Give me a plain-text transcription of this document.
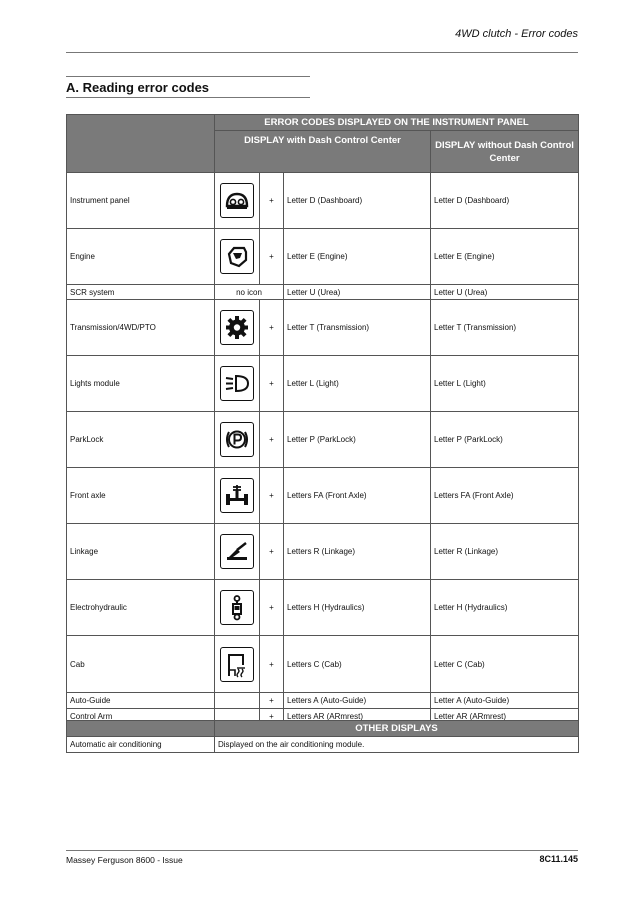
4WD clutch - Error codes
A. Reading error codes
	ERROR CODES DISPLAYED ON THE INSTRUMENT PANEL			
	DISPLAY with Dash Control Center			DISPLAY without Dash Control Center
Instrument panel		+	Letter D (Dashboard)	Letter D (Dashboard)
Engine		+	Letter E (Engine)	Letter E (Engine)
SCR system	no icon		Letter U (Urea)	Letter U (Urea)
Transmission/4WD/PTO		+	Letter T (Transmission)	Letter T (Transmission)
Lights module		+	Letter L (Light)	Letter L (Light)
ParkLock		+	Letter P (ParkLock)	Letter P (ParkLock)
Front axle		+	Letters FA (Front Axle)	Letters FA (Front Axle)
Linkage		+	Letters R (Linkage)	Letter R (Linkage)
Electrohydraulic		+	Letters H (Hydraulics)	Letter H (Hydraulics)
Cab		+	Letters C (Cab)	Letter C (Cab)
Auto-Guide		+	Letters A (Auto-Guide)	Letter A (Auto-Guide)
Control Arm		+	Letters AR (ARmrest)	Letter AR (ARmrest)
	OTHER DISPLAYS
Automatic air conditioning	Displayed on the air conditioning module.
Massey Ferguson 8600 - Issue	8C11.145
